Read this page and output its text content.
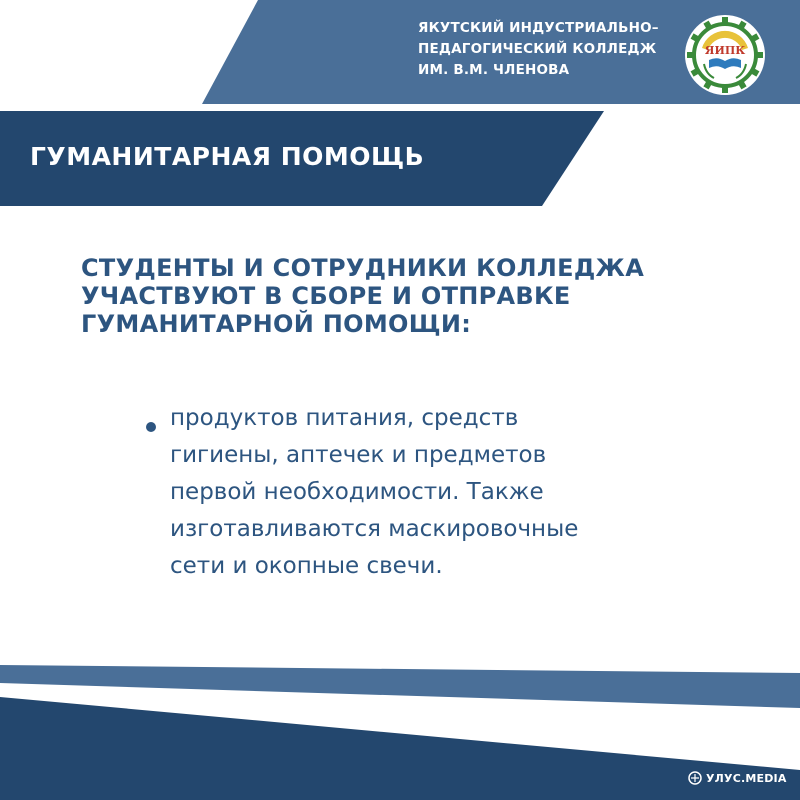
ЯКУТСКИЙ ИНДУСТРИАЛЬНО–
ПЕДАГОГИЧЕСКИЙ КОЛЛЕДЖ
ИМ. В.М. ЧЛЕНОВА
ЯИПК
ГУМАНИТАРНАЯ ПОМОЩЬ
СТУДЕНТЫ И СОТРУДНИКИ КОЛЛЕДЖА
УЧАСТВУЮТ В СБОРЕ И ОТПРАВКЕ
ГУМАНИТАРНОЙ ПОМОЩИ:

продуктов питания, средств
гигиены, аптечек и предметов
первой необходимости. Также
изготавливаются маскировочные
сети и окопные свечи.

УЛУС.MEDIA
